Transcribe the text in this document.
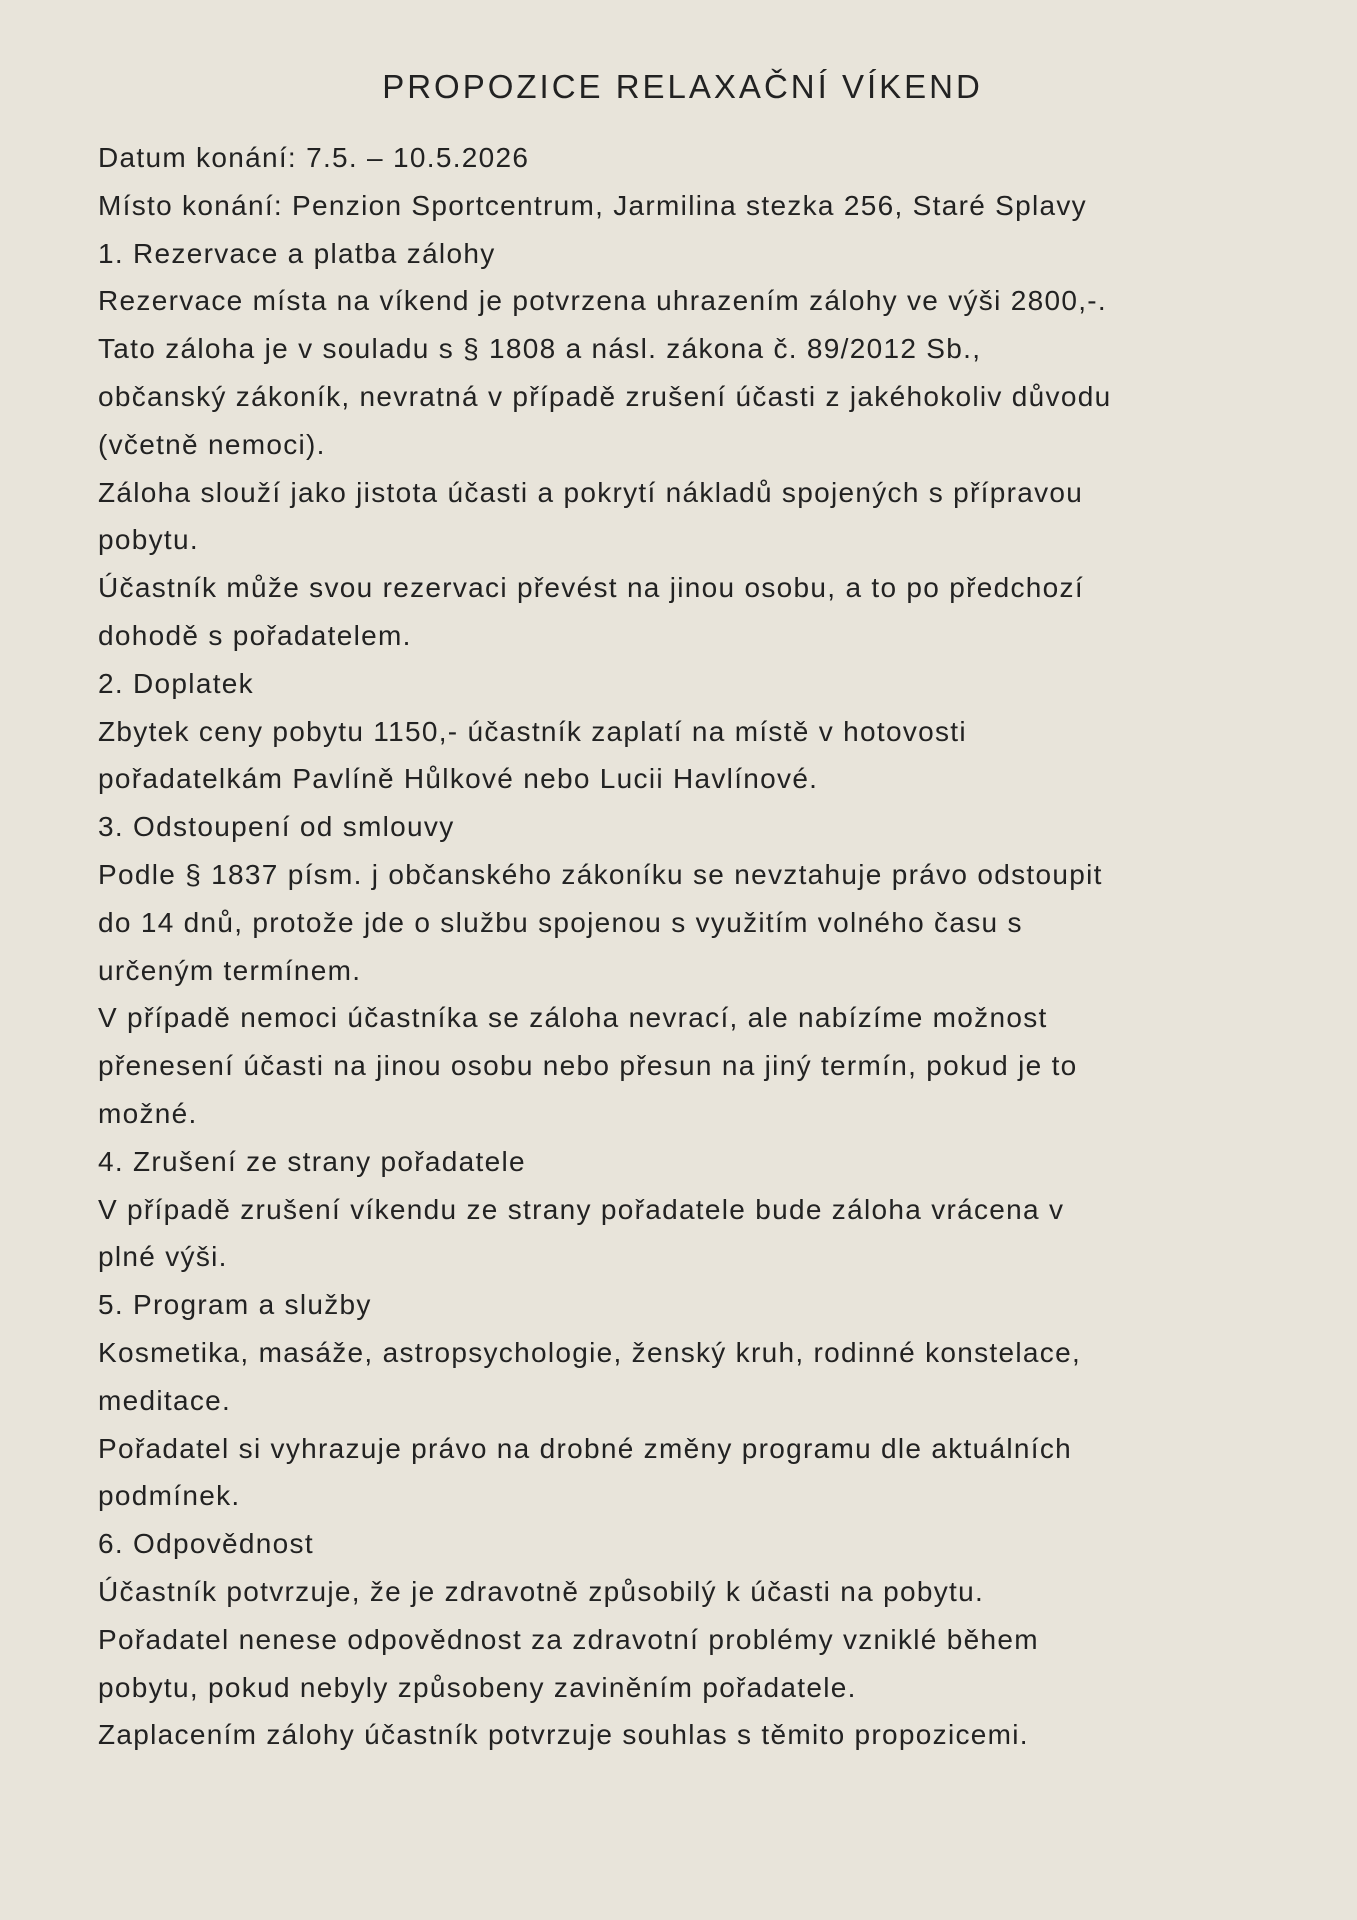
PROPOZICE RELAXAČNÍ VÍKEND
Datum konání: 7.5. – 10.5.2026
Místo konání: Penzion Sportcentrum, Jarmilina stezka 256, Staré Splavy
1. Rezervace a platba zálohy
Rezervace místa na víkend je potvrzena uhrazením zálohy ve výši 2800,-.
Tato záloha je v souladu s § 1808 a násl. zákona č. 89/2012 Sb.,
občanský zákoník, nevratná v případě zrušení účasti z jakéhokoliv důvodu
(včetně nemoci).
Záloha slouží jako jistota účasti a pokrytí nákladů spojených s přípravou
pobytu.
Účastník může svou rezervaci převést na jinou osobu, a to po předchozí
dohodě s pořadatelem.
2. Doplatek
Zbytek ceny pobytu 1150,- účastník zaplatí na místě v hotovosti
pořadatelkám Pavlíně Hůlkové nebo Lucii Havlínové.
3. Odstoupení od smlouvy
Podle § 1837 písm. j občanského zákoníku se nevztahuje právo odstoupit
do 14 dnů, protože jde o službu spojenou s využitím volného času s
určeným termínem.
V případě nemoci účastníka se záloha nevrací, ale nabízíme možnost
přenesení účasti na jinou osobu nebo přesun na jiný termín, pokud je to
možné.
4. Zrušení ze strany pořadatele
V případě zrušení víkendu ze strany pořadatele bude záloha vrácena v
plné výši.
5. Program a služby
Kosmetika, masáže, astropsychologie, ženský kruh, rodinné konstelace,
meditace.
Pořadatel si vyhrazuje právo na drobné změny programu dle aktuálních
podmínek.
6. Odpovědnost
Účastník potvrzuje, že je zdravotně způsobilý k účasti na pobytu.
Pořadatel nenese odpovědnost za zdravotní problémy vzniklé během
pobytu, pokud nebyly způsobeny zaviněním pořadatele.
Zaplacením zálohy účastník potvrzuje souhlas s těmito propozicemi.
